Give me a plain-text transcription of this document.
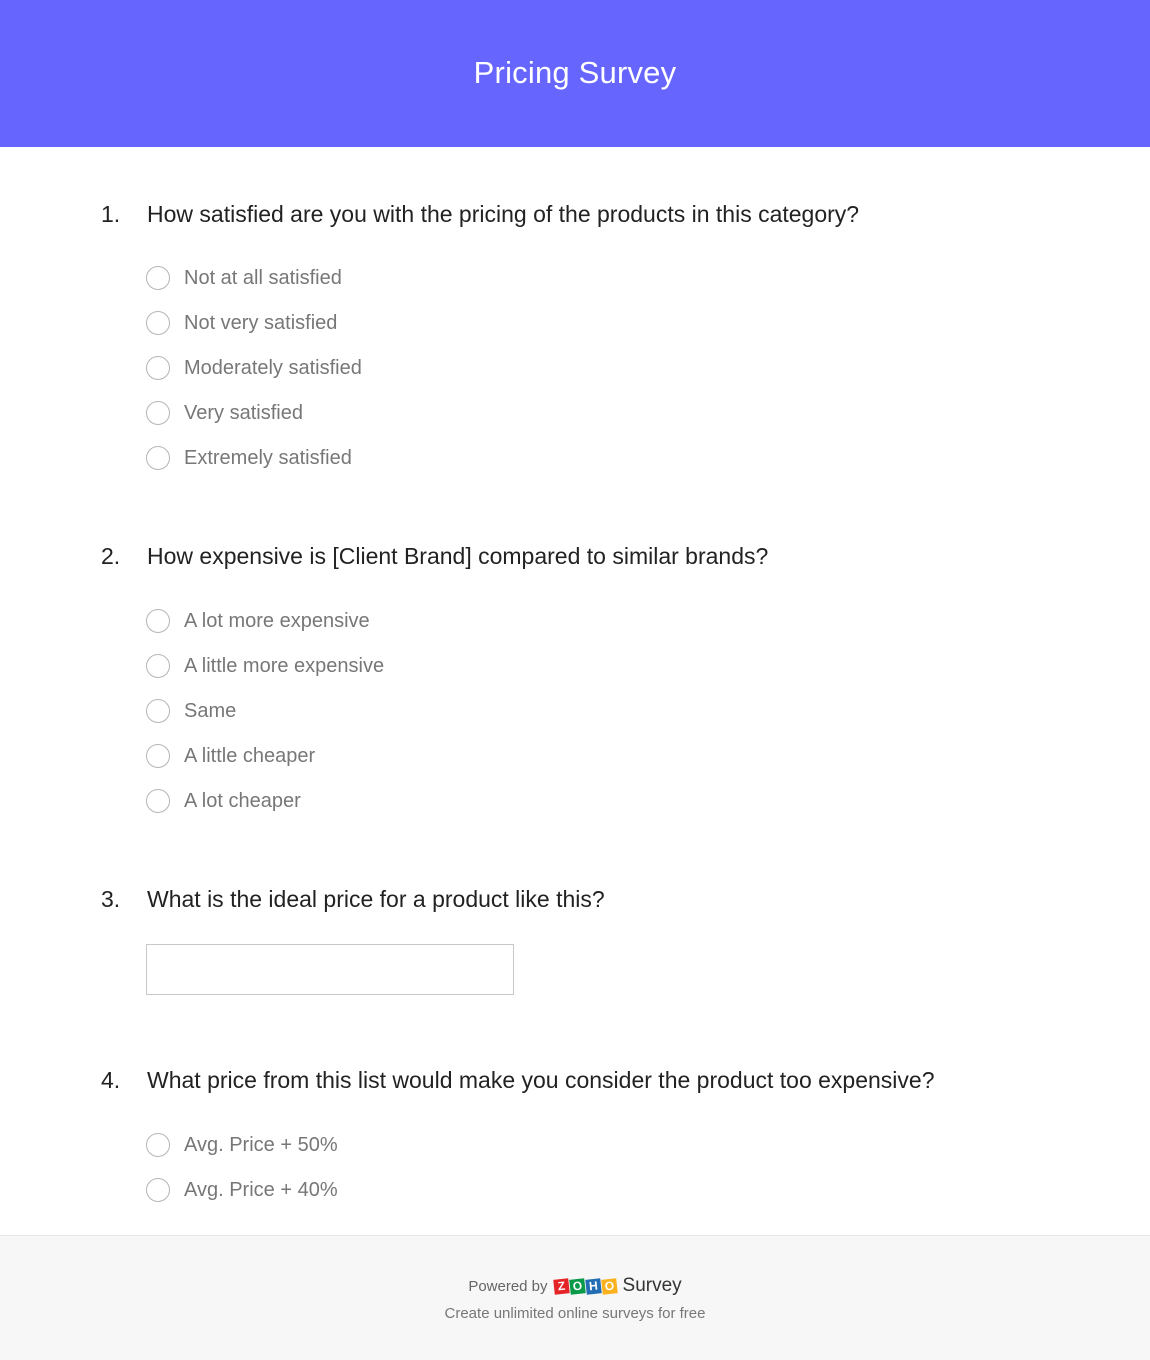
Pricing Survey
1. How satisfied are you with the pricing of the products in this category?
Not at all satisfied
Not very satisfied
Moderately satisfied
Very satisfied
Extremely satisfied
2. How expensive is [Client Brand] compared to similar brands?
A lot more expensive
A little more expensive
Same
A little cheaper
A lot cheaper
3. What is the ideal price for a product like this?
4. What price from this list would make you consider the product too expensive?
Avg. Price + 50%
Avg. Price + 40%
Powered by Z O H O Survey
Create unlimited online surveys for free
